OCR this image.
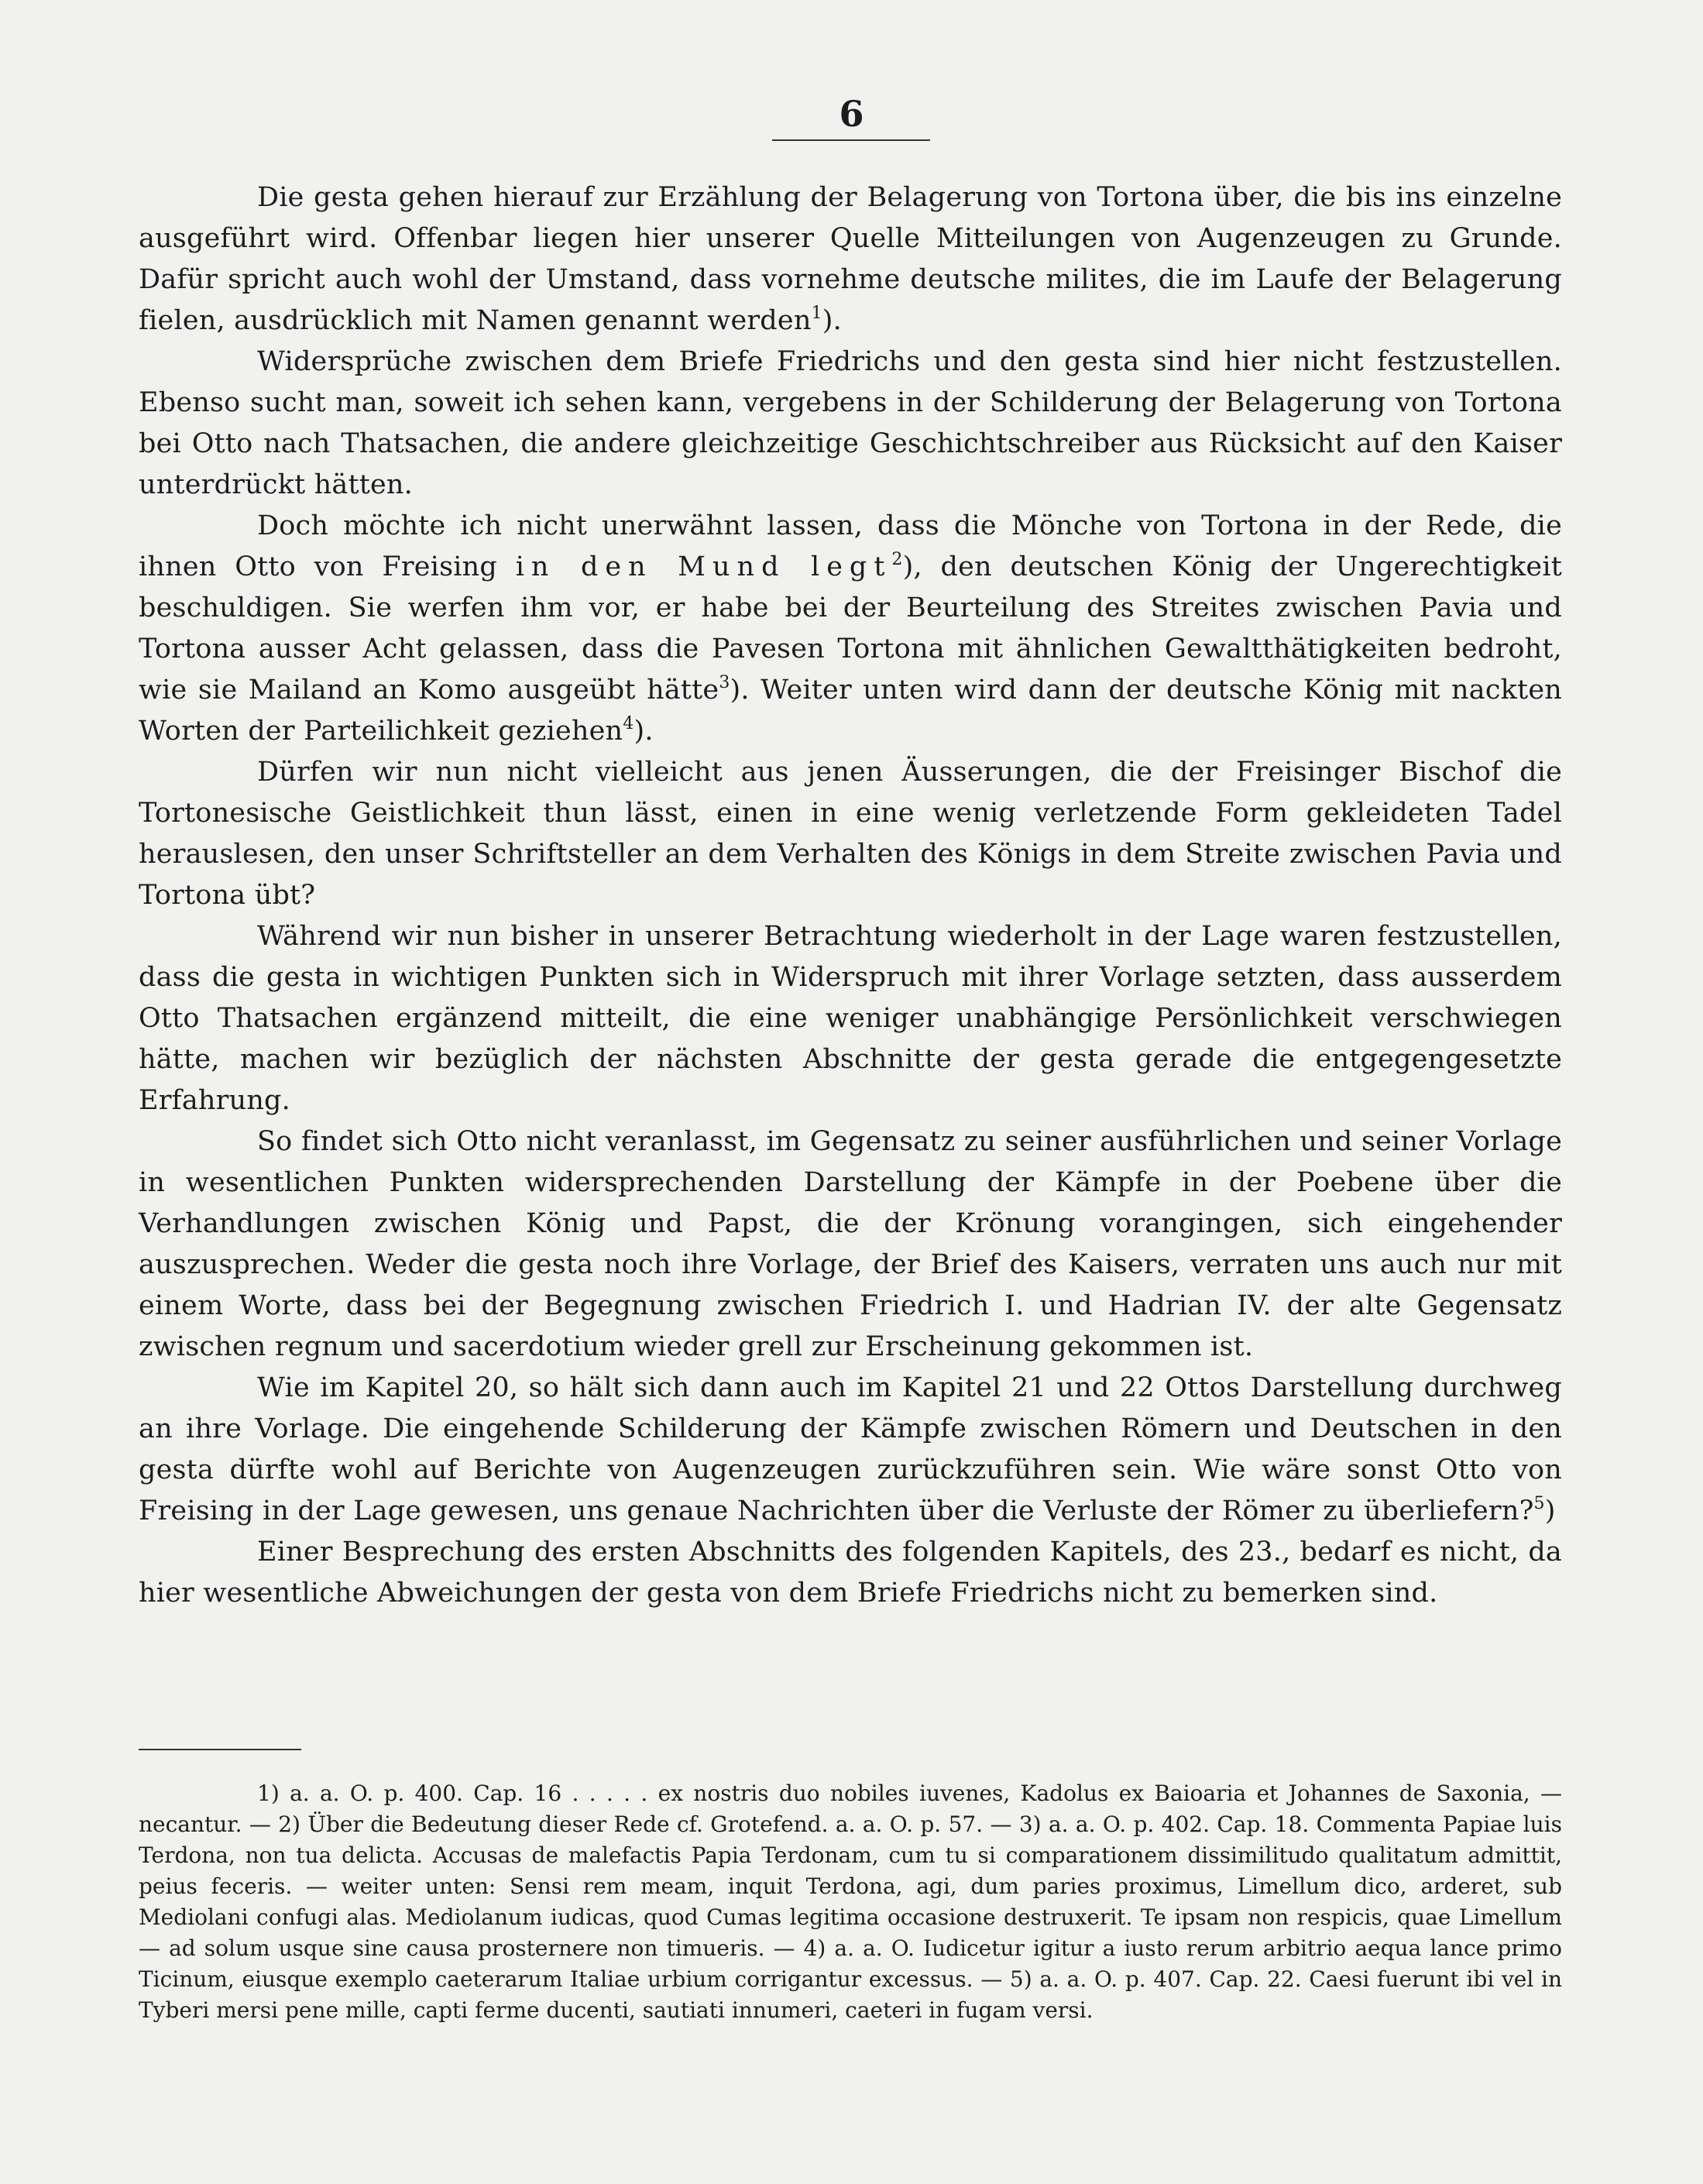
6

Die gesta gehen hierauf zur Erzählung der Belagerung von Tortona über, die bis ins einzelne ausgeführt wird. Offenbar liegen hier unserer Quelle Mitteilungen von Augenzeugen zu Grunde. Dafür spricht auch wohl der Umstand, dass vornehme deutsche milites, die im Laufe der Belagerung fielen, ausdrücklich mit Namen genannt werden$^1$).

Widersprüche zwischen dem Briefe Friedrichs und den gesta sind hier nicht festzustellen. Ebenso sucht man, soweit ich sehen kann, vergebens in der Schilderung der Belagerung von Tortona bei Otto nach Thatsachen, die andere gleichzeitige Geschichtschreiber aus Rücksicht auf den Kaiser unterdrückt hätten.

Doch möchte ich nicht unerwähnt lassen, dass die Mönche von Tortona in der Rede, die ihnen Otto von Freising in den Mund legt$^2$), den deutschen König der Ungerechtigkeit beschuldigen. Sie werfen ihm vor, er habe bei der Beurteilung des Streites zwischen Pavia und Tortona ausser Acht gelassen, dass die Pavesen Tortona mit ähnlichen Gewaltthätigkeiten bedroht, wie sie Mailand an Komo ausgeübt hätte$^3$). Weiter unten wird dann der deutsche König mit nackten Worten der Parteilichkeit geziehen$^4$).

Dürfen wir nun nicht vielleicht aus jenen Äusserungen, die der Freisinger Bischof die Tortonesische Geistlichkeit thun lässt, einen in eine wenig verletzende Form gekleideten Tadel herauslesen, den unser Schriftsteller an dem Verhalten des Königs in dem Streite zwischen Pavia und Tortona übt?

Während wir nun bisher in unserer Betrachtung wiederholt in der Lage waren festzustellen, dass die gesta in wichtigen Punkten sich in Widerspruch mit ihrer Vorlage setzten, dass ausserdem Otto Thatsachen ergänzend mitteilt, die eine weniger unabhängige Persönlichkeit verschwiegen hätte, machen wir bezüglich der nächsten Abschnitte der gesta gerade die entgegengesetzte Erfahrung.

So findet sich Otto nicht veranlasst, im Gegensatz zu seiner ausführlichen und seiner Vorlage in wesentlichen Punkten widersprechenden Darstellung der Kämpfe in der Poebene über die Verhandlungen zwischen König und Papst, die der Krönung vorangingen, sich eingehender auszusprechen. Weder die gesta noch ihre Vorlage, der Brief des Kaisers, verraten uns auch nur mit einem Worte, dass bei der Begegnung zwischen Friedrich I. und Hadrian IV. der alte Gegensatz zwischen regnum und sacerdotium wieder grell zur Erscheinung gekommen ist.

Wie im Kapitel 20, so hält sich dann auch im Kapitel 21 und 22 Ottos Darstellung durchweg an ihre Vorlage. Die eingehende Schilderung der Kämpfe zwischen Römern und Deutschen in den gesta dürfte wohl auf Berichte von Augenzeugen zurückzuführen sein. Wie wäre sonst Otto von Freising in der Lage gewesen, uns genaue Nachrichten über die Verluste der Römer zu überliefern?$^5$)

Einer Besprechung des ersten Abschnitts des folgenden Kapitels, des 23., bedarf es nicht, da hier wesentliche Abweichungen der gesta von dem Briefe Friedrichs nicht zu bemerken sind.

1) a. a. O. p. 400. Cap. 16 . . . . . ex nostris duo nobiles iuvenes, Kadolus ex Baioaria et Johannes de Saxonia, — necantur. — 2) Über die Bedeutung dieser Rede cf. Grotefend. a. a. O. p. 57. — 3) a. a. O. p. 402. Cap. 18. Commenta Papiae luis Terdona, non tua delicta. Accusas de malefactis Papia Terdonam, cum tu si comparationem dissimilitudo qualitatum admittit, peius feceris. — weiter unten: Sensi rem meam, inquit Terdona, agi, dum paries proximus, Limellum dico, arderet, sub Mediolani confugi alas. Mediolanum iudicas, quod Cumas legitima occasione destruxerit. Te ipsam non respicis, quae Limellum — ad solum usque sine causa prosternere non timueris. — 4) a. a. O. Iudicetur igitur a iusto rerum arbitrio aequa lance primo Ticinum, eiusque exemplo caeterarum Italiae urbium corrigantur excessus. — 5) a. a. O. p. 407. Cap. 22. Caesi fuerunt ibi vel in Tyberi mersi pene mille, capti ferme ducenti, sautiati innumeri, caeteri in fugam versi.
